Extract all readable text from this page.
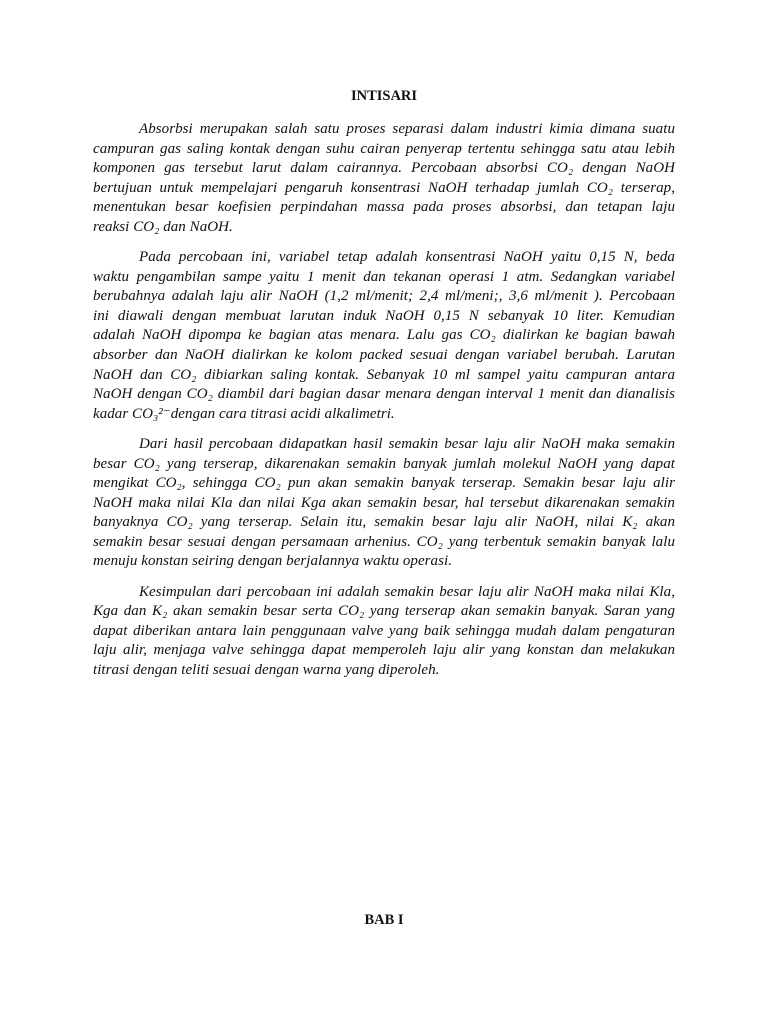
INTISARI

Absorbsi merupakan salah satu proses separasi dalam industri kimia dimana suatu
campuran gas saling kontak dengan suhu cairan penyerap tertentu sehingga satu atau lebih
komponen gas tersebut larut dalam cairannya. Percobaan absorbsi CO₂ dengan NaOH
bertujuan untuk mempelajari pengaruh konsentrasi NaOH terhadap jumlah CO₂ terserap,
menentukan besar koefisien perpindahan massa pada proses absorbsi, dan tetapan laju
reaksi CO₂ dan NaOH.

Pada percobaan ini, variabel tetap adalah konsentrasi NaOH yaitu 0,15 N, beda
waktu pengambilan sampe yaitu 1 menit dan tekanan operasi 1 atm. Sedangkan variabel
berubahnya adalah laju alir NaOH (1,2 ml/menit; 2,4 ml/meni;, 3,6 ml/menit ). Percobaan
ini diawali dengan membuat larutan induk NaOH 0,15 N sebanyak 10 liter. Kemudian
adalah NaOH dipompa ke bagian atas menara. Lalu gas CO₂ dialirkan ke bagian bawah
absorber dan NaOH dialirkan ke kolom packed sesuai dengan variabel berubah. Larutan
NaOH dan CO₂ dibiarkan saling kontak. Sebanyak 10 ml sampel yaitu campuran antara
NaOH dengan CO₂ diambil dari bagian dasar menara dengan interval 1 menit dan dianalisis
kadar CO₃²⁻dengan cara titrasi acidi alkalimetri.

Dari hasil percobaan didapatkan hasil semakin besar laju alir NaOH maka semakin
besar CO₂ yang terserap, dikarenakan semakin banyak jumlah molekul NaOH yang dapat
mengikat CO₂, sehingga CO₂ pun akan semakin banyak terserap. Semakin besar laju alir
NaOH maka nilai Kla dan nilai Kga akan semakin besar, hal tersebut dikarenakan semakin
banyaknya CO₂ yang terserap. Selain itu, semakin besar laju alir NaOH, nilai K₂ akan
semakin besar sesuai dengan persamaan arhenius. CO₂ yang terbentuk semakin banyak lalu
menuju konstan seiring dengan berjalannya waktu operasi.

Kesimpulan dari percobaan ini adalah semakin besar laju alir NaOH maka nilai Kla,
Kga dan K₂ akan semakin besar serta CO₂ yang terserap akan semakin banyak. Saran yang
dapat diberikan antara lain penggunaan valve yang baik sehingga mudah dalam pengaturan
laju alir, menjaga valve sehingga dapat memperoleh laju alir yang konstan dan melakukan
titrasi dengan teliti sesuai dengan warna yang diperoleh.

BAB I
